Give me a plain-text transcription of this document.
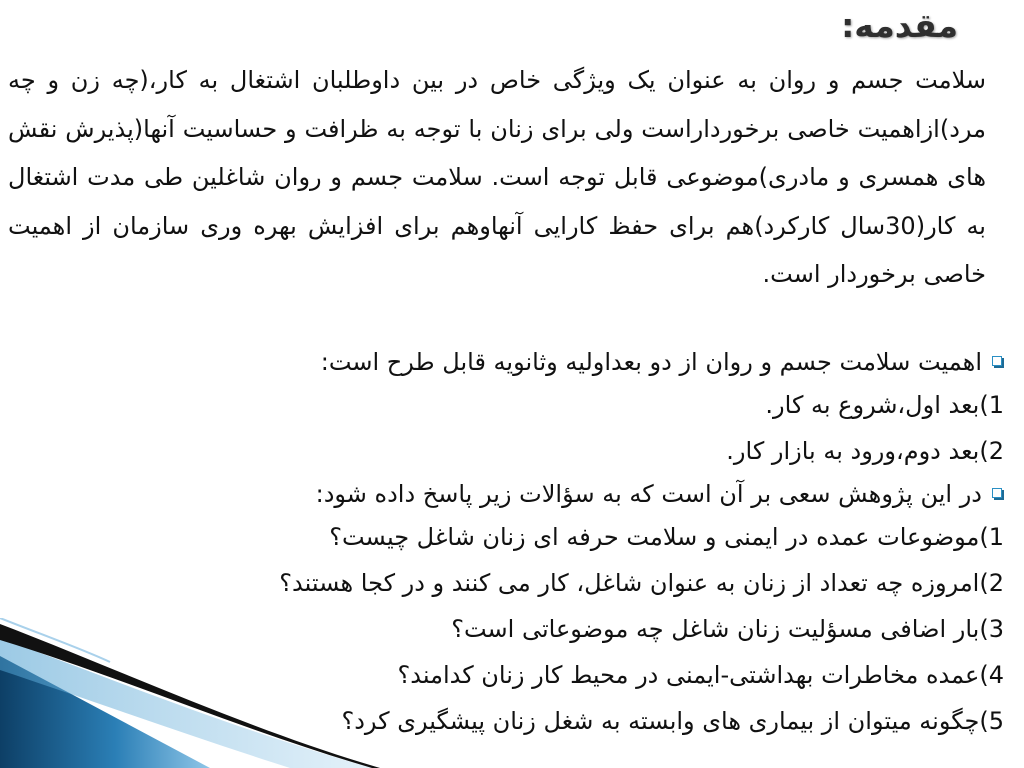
مقدمه:

سلامت جسم و روان به عنوان یک ویژگی خاص در بین داوطلبان اشتغال به کار،(چه زن و چه مرد)ازاهمیت خاصی برخورداراست ولی برای زنان با توجه به ظرافت و حساسیت آنها(پذیرش نقش های همسری و مادری)موضوعی قابل توجه است. سلامت جسم و روان شاغلین طی مدت اشتغال به کار(30سال کارکرد)هم برای حفظ کارایی آنهاوهم برای افزایش بهره وری سازمان از اهمیت خاصی برخوردار است.

اهمیت سلامت جسم و روان از دو بعداولیه وثانویه قابل طرح است:
1)بعد اول،شروع به کار.
2)بعد دوم،ورود به بازار کار.
در این پژوهش سعی بر آن است که به سؤالات زیر پاسخ داده شود:
1)موضوعات عمده در ایمنی و سلامت حرفه ای زنان شاغل چیست؟
2)امروزه چه تعداد از زنان به عنوان شاغل، کار می کنند و در کجا هستند؟
3)بار اضافی مسؤلیت زنان شاغل چه موضوعاتی است؟
4)عمده مخاطرات بهداشتی-ایمنی در محیط کار زنان کدامند؟
5)چگونه میتوان از بیماری های وابسته به شغل زنان پیشگیری کرد؟
